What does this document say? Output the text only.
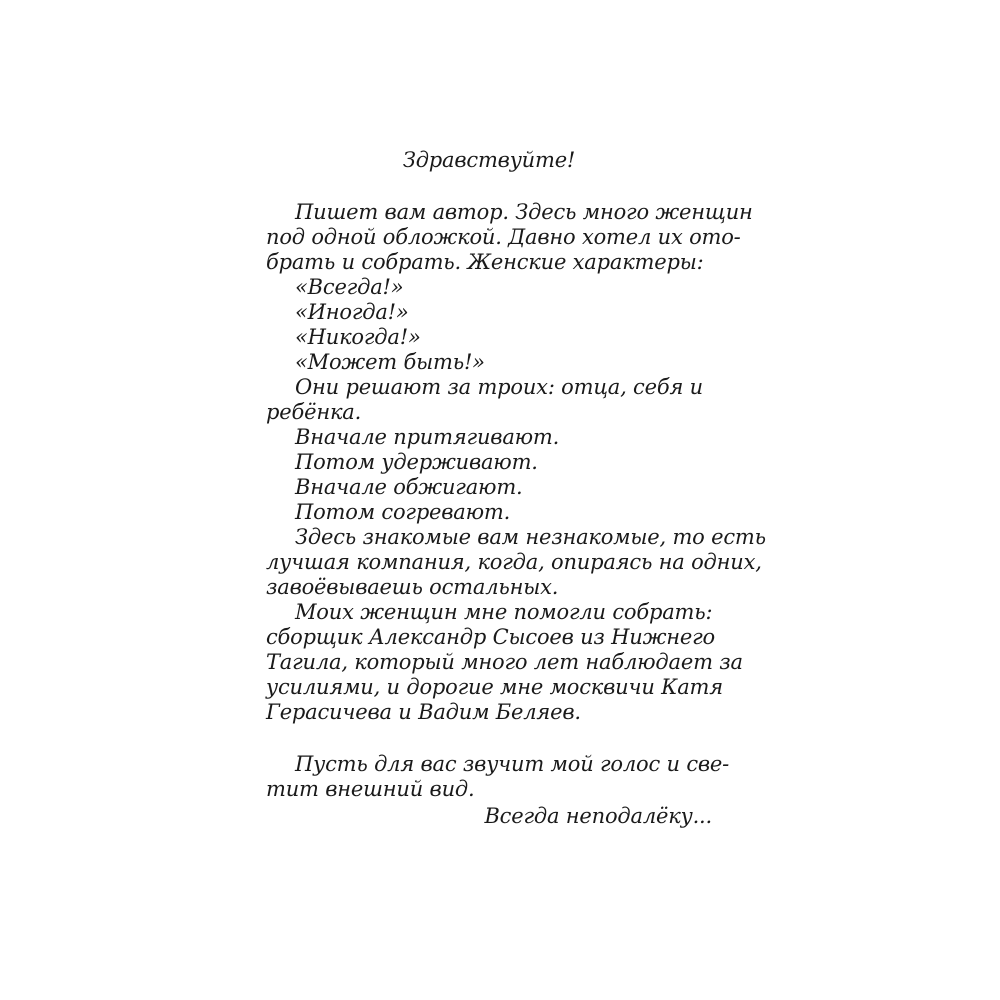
Здравствуйте!
Пишет вам автор. Здесь много женщин
под одной обложкой. Давно хотел их ото-
брать и собрать. Женские характеры:
«Всегда!»
«Иногда!»
«Никогда!»
«Может быть!»
Они решают за троих: отца, себя и
ребёнка.
Вначале притягивают.
Потом удерживают.
Вначале обжигают.
Потом согревают.
Здесь знакомые вам незнакомые, то есть
лучшая компания, когда, опираясь на одних,
завоёвываешь остальных.
Моих женщин мне помогли собрать:
сборщик Александр Сысоев из Нижнего
Тагила, который много лет наблюдает за
усилиями, и дорогие мне москвичи Катя
Герасичева и Вадим Беляев.
Пусть для вас звучит мой голос и све-
тит внешний вид.
Всегда неподалёку...
